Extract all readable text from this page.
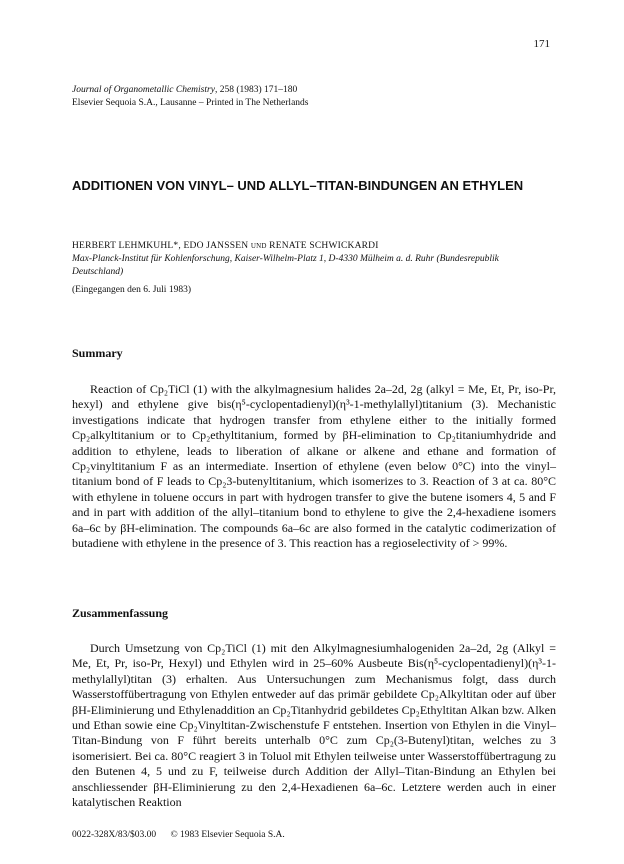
171
Journal of Organometallic Chemistry, 258 (1983) 171–180
Elsevier Sequoia S.A., Lausanne – Printed in The Netherlands
ADDITIONEN VON VINYL– UND ALLYL–TITAN-BINDUNGEN AN ETHYLEN
HERBERT LEHMKUHL*, EDO JANSSEN und RENATE SCHWICKARDI
Max-Planck-Institut für Kohlenforschung, Kaiser-Wilhelm-Platz 1, D-4330 Mülheim a. d. Ruhr (Bundesrepublik Deutschland)
(Eingegangen den 6. Juli 1983)
Summary

Reaction of Cp₂TiCl (1) with the alkylmagnesium halides 2a–2d, 2g (alkyl = Me, Et, Pr, iso-Pr, hexyl) and ethylene give bis(η⁵-cyclopentadienyl)(η³-1-methylallyl)titanium (3). Mechanistic investigations indicate that hydrogen transfer from ethylene either to the initially formed Cp₂alkyltitanium or to Cp₂ethyltitanium, formed by βH-elimination to Cp₂titaniumhydride and addition to ethylene, leads to liberation of alkane or alkene and ethane and formation of Cp₂vinyltitanium F as an intermediate. Insertion of ethylene (even below 0°C) into the vinyl–titanium bond of F leads to Cp₂3-butenyltitanium, which isomerizes to 3. Reaction of 3 at ca. 80°C with ethylene in toluene occurs in part with hydrogen transfer to give the butene isomers 4, 5 and F and in part with addition of the allyl–titanium bond to ethylene to give the 2,4-hexadiene isomers 6a–6c by βH-elimination. The compounds 6a–6c are also formed in the catalytic codimerization of butadiene with ethylene in the presence of 3. This reaction has a regioselectivity of > 99%.

Zusammenfassung

Durch Umsetzung von Cp₂TiCl (1) mit den Alkylmagnesiumhalogeniden 2a–2d, 2g (Alkyl = Me, Et, Pr, iso-Pr, Hexyl) und Ethylen wird in 25–60% Ausbeute Bis(η⁵-cyclopentadienyl)(η³-1-methylallyl)titan (3) erhalten. Aus Untersuchungen zum Mechanismus folgt, dass durch Wasserstoffübertragung von Ethylen entweder auf das primär gebildete Cp₂Alkyltitan oder auf über βH-Eliminierung und Ethylenaddition an Cp₂Titanhydrid gebildetes Cp₂Ethyltitan Alkan bzw. Alken und Ethan sowie eine Cp₂Vinyltitan-Zwischenstufe F entstehen. Insertion von Ethylen in die Vinyl–Titan-Bindung von F führt bereits unterhalb 0°C zum Cp₂(3-Butenyl)titan, welches zu 3 isomerisiert. Bei ca. 80°C reagiert 3 in Toluol mit Ethylen teilweise unter Wasserstoffübertragung zu den Butenen 4, 5 und zu F, teilweise durch Addition der Allyl–Titan-Bindung an Ethylen bei anschliessender βH-Eliminierung zu den 2,4-Hexadienen 6a–6c. Letztere werden auch in einer katalytischen Reaktion

0022-328X/83/$03.00 © 1983 Elsevier Sequoia S.A.
